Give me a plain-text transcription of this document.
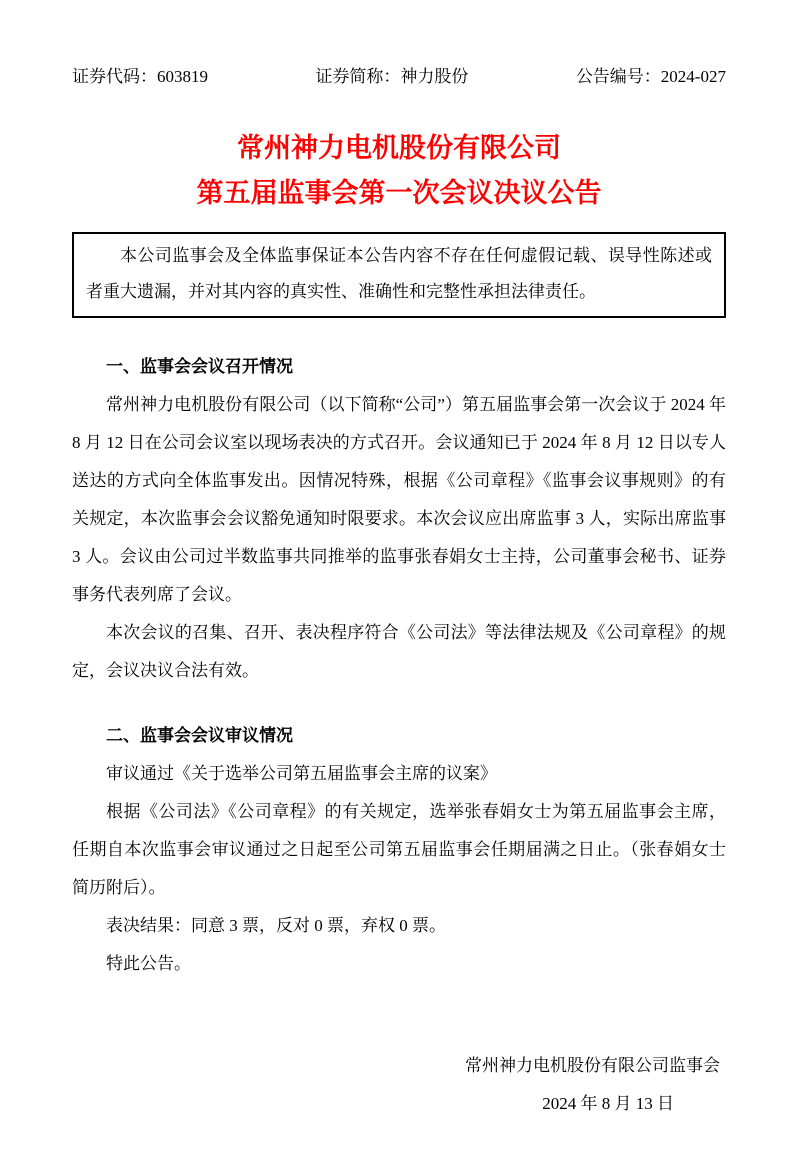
证券代码：603819	证券简称：神力股份	公告编号：2024-027
常州神力电机股份有限公司
第五届监事会第一次会议决议公告

本公司监事会及全体监事保证本公告内容不存在任何虚假记载、误导性陈述或者重大遗漏，并对其内容的真实性、准确性和完整性承担法律责任。

一、监事会会议召开情况

常州神力电机股份有限公司（以下简称“公司”）第五届监事会第一次会议于 2024 年 8 月 12 日在公司会议室以现场表决的方式召开。会议通知已于 2024 年 8 月 12 日以专人送达的方式向全体监事发出。因情况特殊，根据《公司章程》《监事会议事规则》的有关规定，本次监事会会议豁免通知时限要求。本次会议应出席监事 3 人，实际出席监事 3 人。会议由公司过半数监事共同推举的监事张春娟女士主持，公司董事会秘书、证券事务代表列席了会议。

本次会议的召集、召开、表决程序符合《公司法》等法律法规及《公司章程》的规定，会议决议合法有效。

二、监事会会议审议情况

审议通过《关于选举公司第五届监事会主席的议案》

根据《公司法》《公司章程》的有关规定，选举张春娟女士为第五届监事会主席，任期自本次监事会审议通过之日起至公司第五届监事会任期届满之日止。（张春娟女士简历附后）。

表决结果：同意 3 票，反对 0 票，弃权 0 票。

特此公告。

常州神力电机股份有限公司监事会
2024 年 8 月 13 日
